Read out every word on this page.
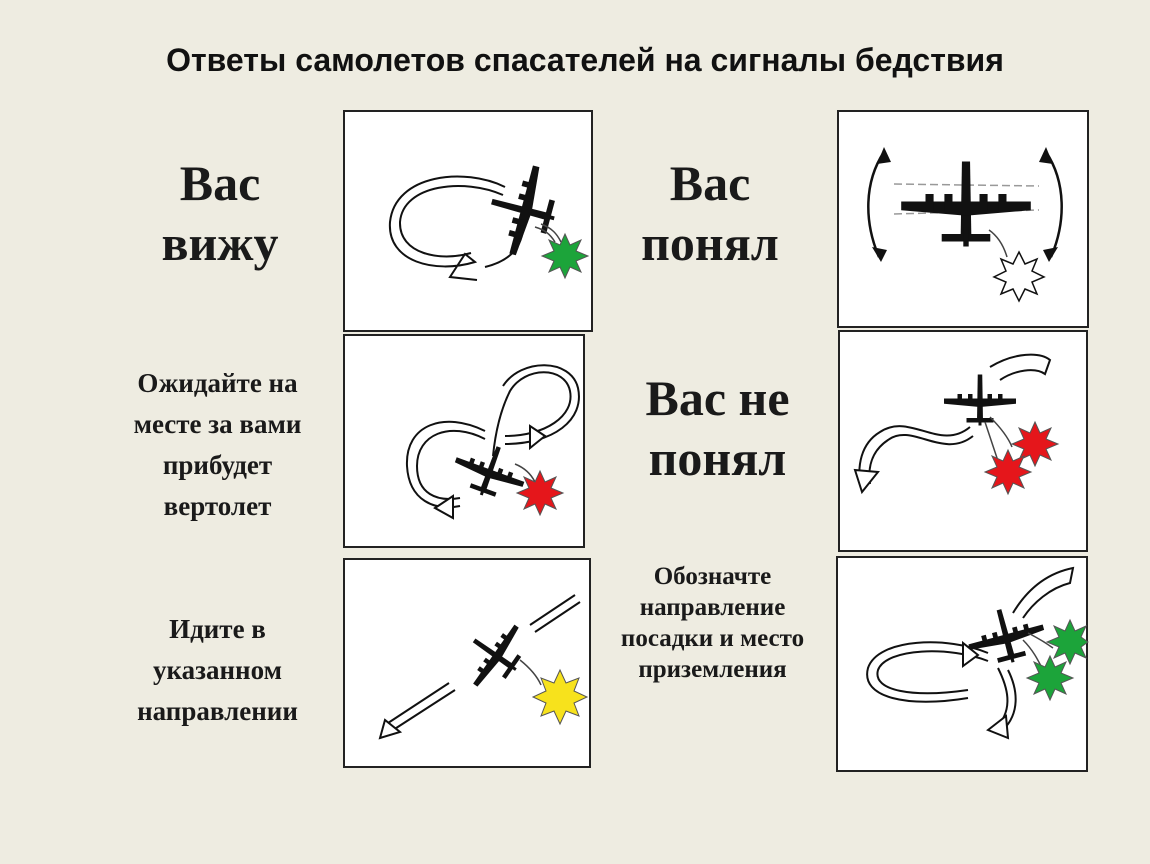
Ответы самолетов спасателей на сигналы бедствия
Вас
вижу
Вас
понял
Ожидайте на
месте за вами
прибудет
вертолет
Вас не
понял
Идите в
указанном
направлении
Обозначте
направление
посадки и место
приземления
